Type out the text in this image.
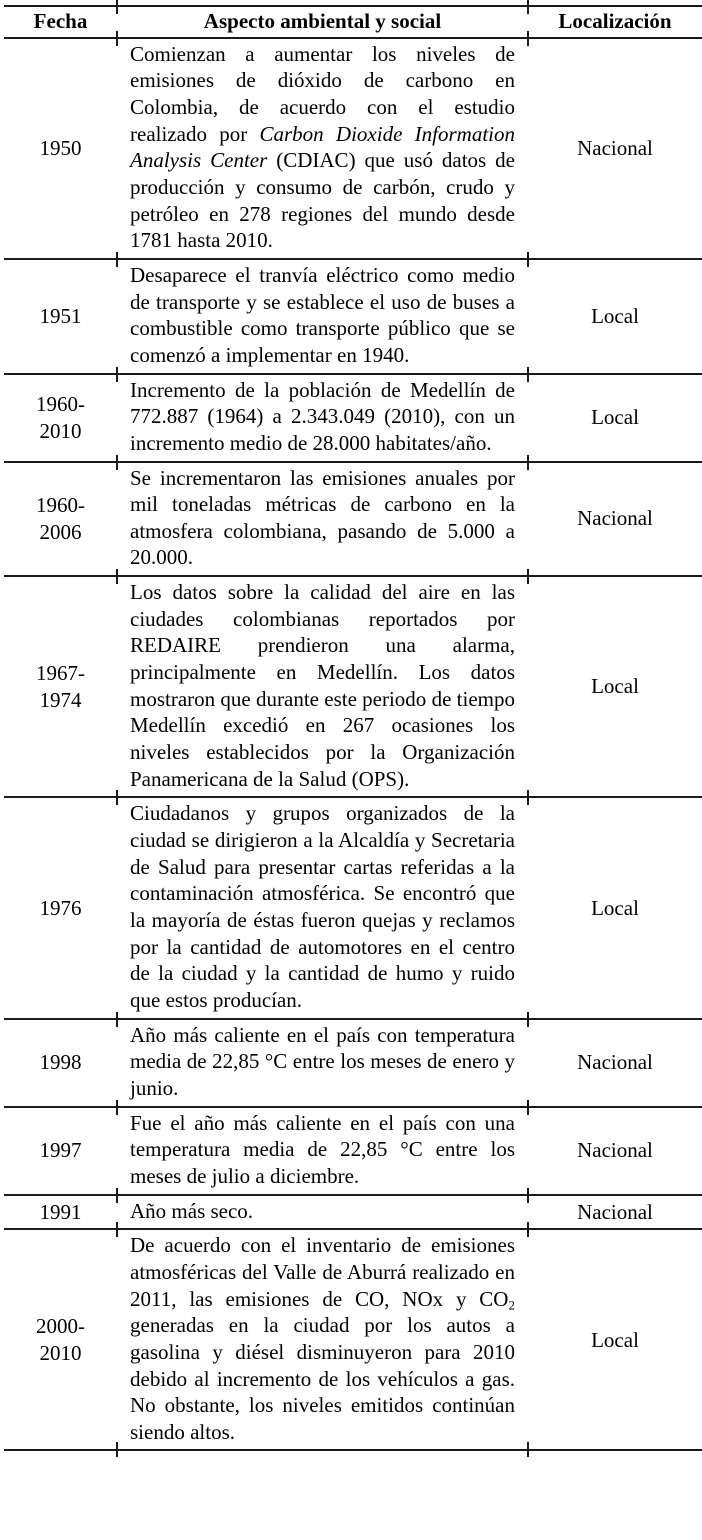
Fecha	Aspecto ambiental y social	Localización
1950	Comienzan a aumentar los niveles de emisiones de dióxido de carbono en Colombia, de acuerdo con el estudio realizado por Carbon Dioxide Information Analysis Center (CDIAC) que usó datos de producción y consumo de carbón, crudo y petróleo en 278 regiones del mundo desde 1781 hasta 2010.	Nacional
1951	Desaparece el tranvía eléctrico como medio de transporte y se establece el uso de buses a combustible como transporte público que se comenzó a implementar en 1940.	Local
1960-2010	Incremento de la población de Medellín de 772.887 (1964) a 2.343.049 (2010), con un incremento medio de 28.000 habitates/año.	Local
1960-2006	Se incrementaron las emisiones anuales por mil toneladas métricas de carbono en la atmosfera colombiana, pasando de 5.000 a 20.000.	Nacional
1967-1974	Los datos sobre la calidad del aire en las ciudades colombianas reportados por REDAIRE prendieron una alarma, principalmente en Medellín. Los datos mostraron que durante este periodo de tiempo Medellín excedió en 267 ocasiones los niveles establecidos por la Organización Panamericana de la Salud (OPS).	Local
1976	Ciudadanos y grupos organizados de la ciudad se dirigieron a la Alcaldía y Secretaria de Salud para presentar cartas referidas a la contaminación atmosférica. Se encontró que la mayoría de éstas fueron quejas y reclamos por la cantidad de automotores en el centro de la ciudad y la cantidad de humo y ruido que estos producían.	Local
1998	Año más caliente en el país con temperatura media de 22,85 °C entre los meses de enero y junio.	Nacional
1997	Fue el año más caliente en el país con una temperatura media de 22,85 °C entre los meses de julio a diciembre.	Nacional
1991	Año más seco.	Nacional
2000-2010	De acuerdo con el inventario de emisiones atmosféricas del Valle de Aburrá realizado en 2011, las emisiones de CO, NOx y $CO_2$ generadas en la ciudad por los autos a gasolina y diésel disminuyeron para 2010 debido al incremento de los vehículos a gas. No obstante, los niveles emitidos continúan siendo altos.	Local
